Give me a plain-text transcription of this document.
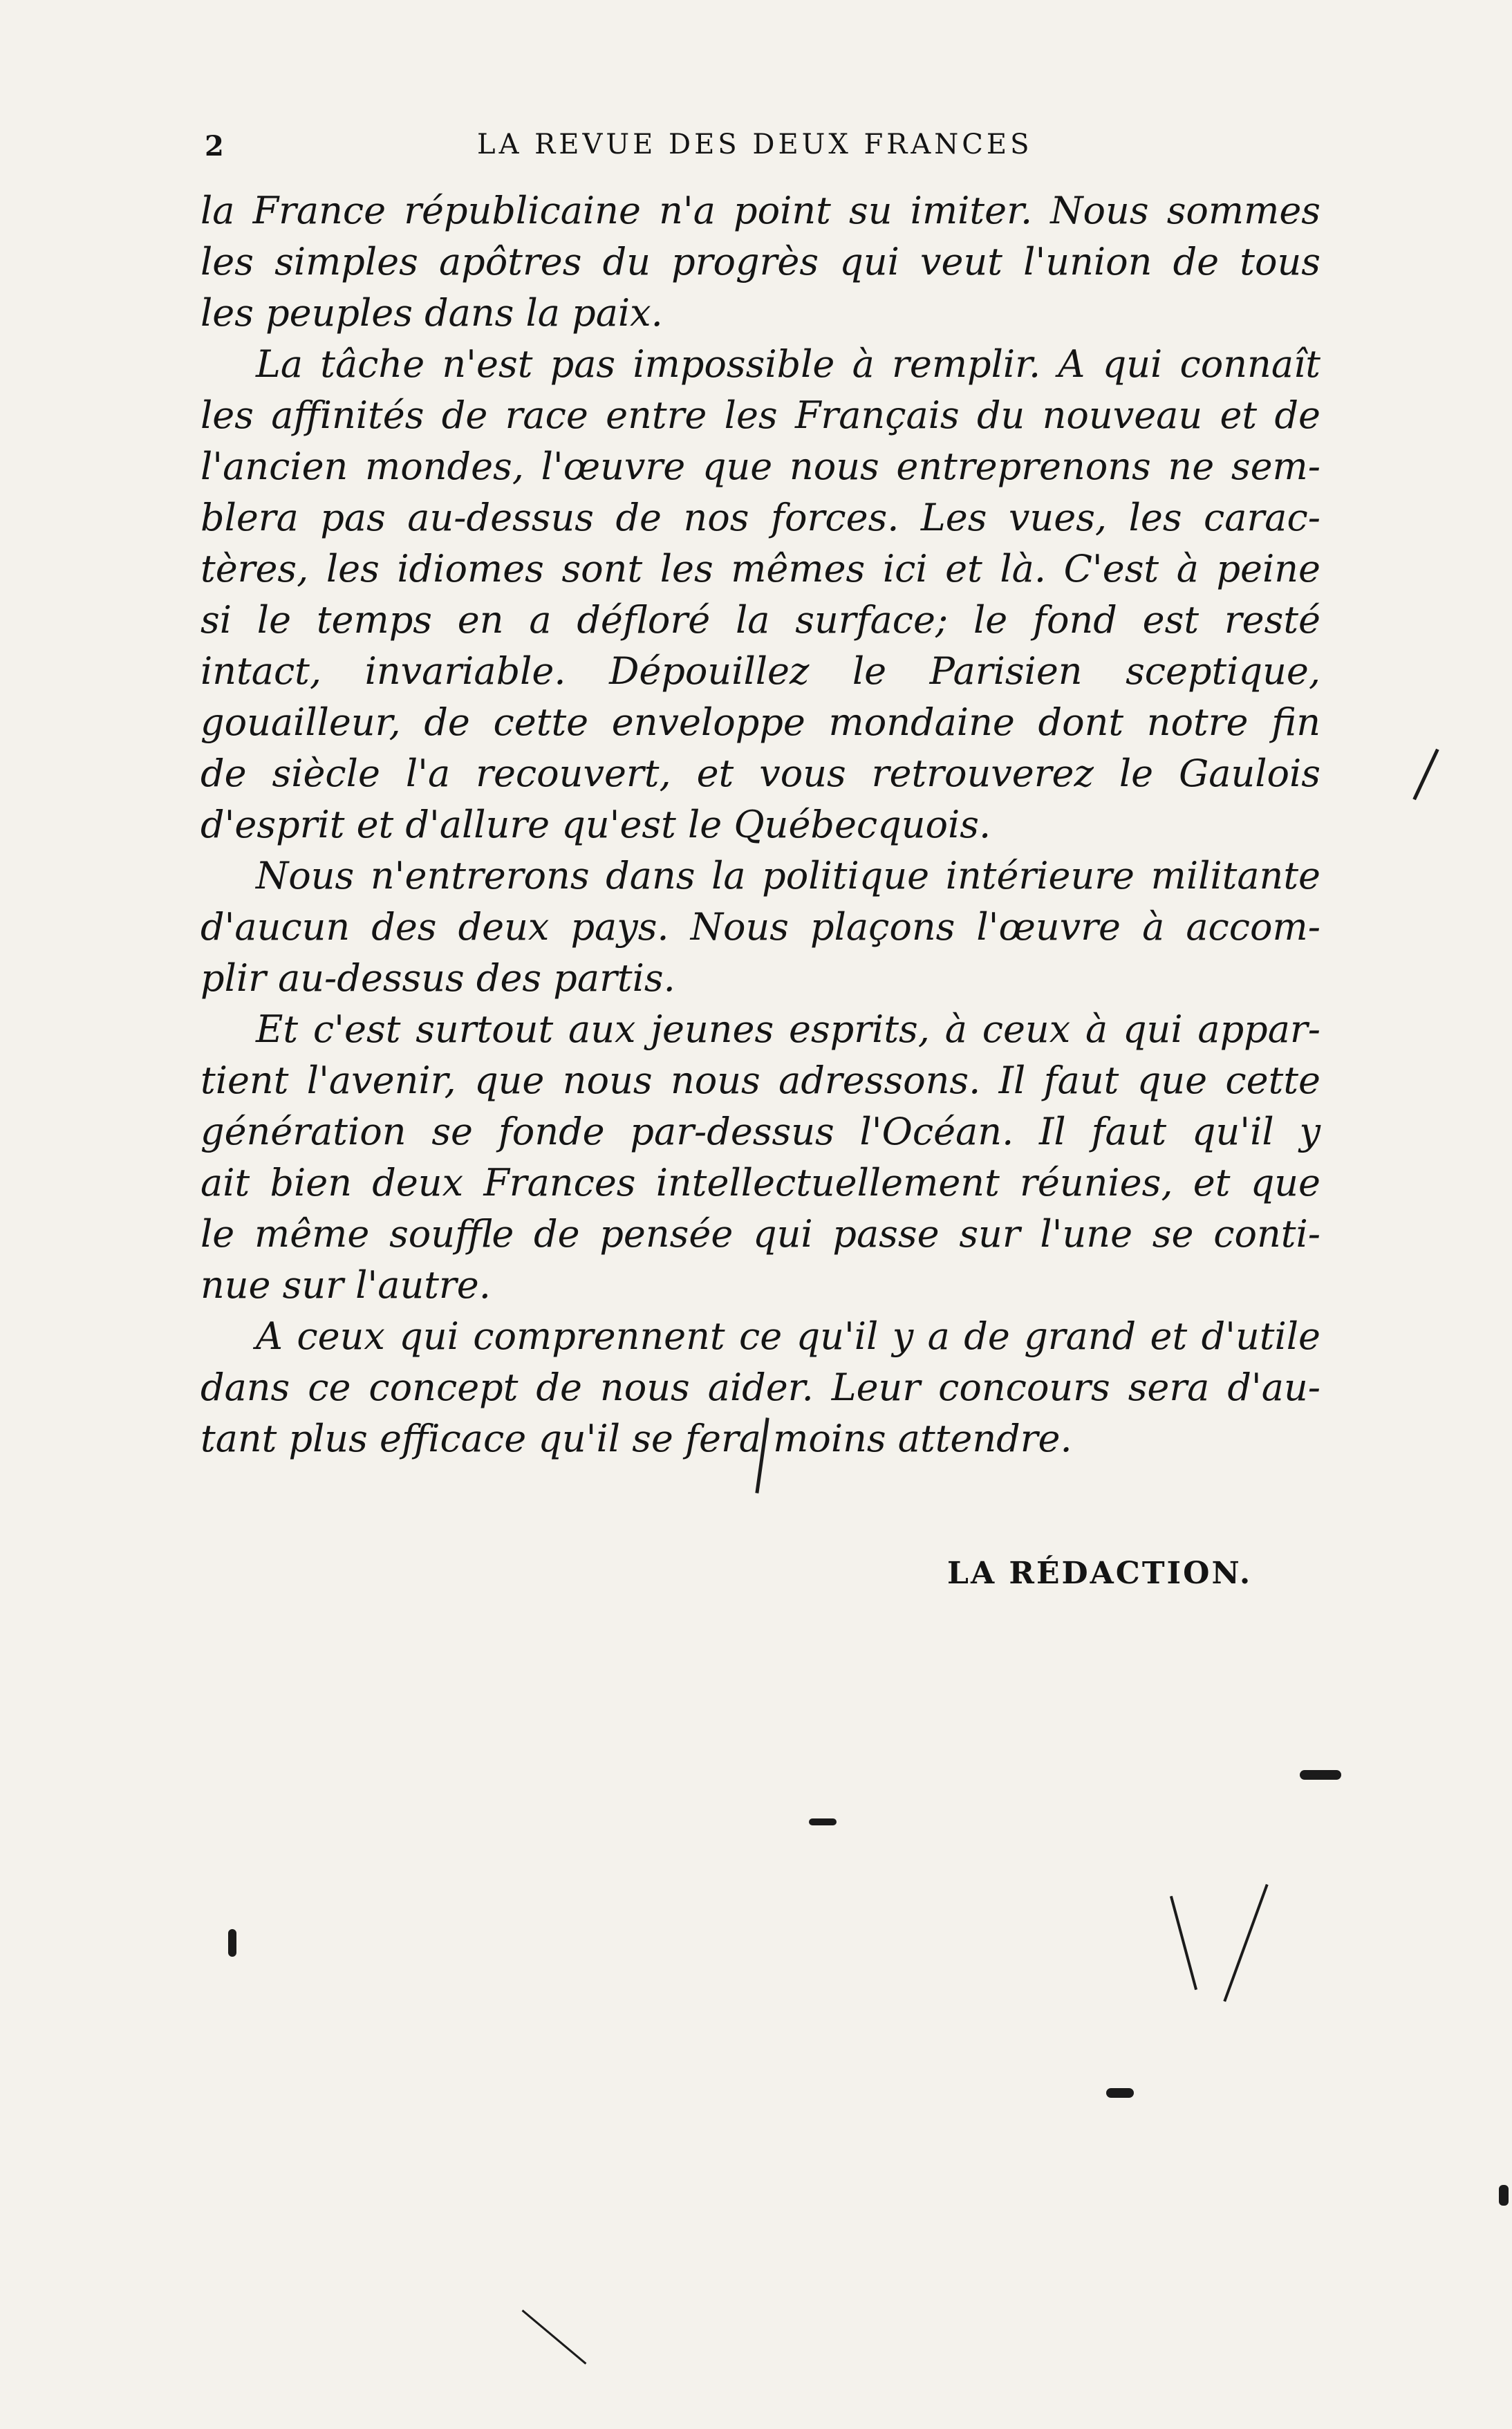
2	LA REVUE DES DEUX FRANCES
la France républicaine n'a point su imiter. Nous sommes
les simples apôtres du progrès qui veut l'union de tous
les peuples dans la paix.
La tâche n'est pas impossible à remplir. A qui connaît
les affinités de race entre les Français du nouveau et de
l'ancien mondes, l'œuvre que nous entreprenons ne sem-
blera pas au-dessus de nos forces. Les vues, les carac-
tères, les idiomes sont les mêmes ici et là. C'est à peine
si le temps en a défloré la surface; le fond est resté
intact, invariable. Dépouillez le Parisien sceptique,
gouailleur, de cette enveloppe mondaine dont notre fin
de siècle l'a recouvert, et vous retrouverez le Gaulois
d'esprit et d'allure qu'est le Québecquois.
Nous n'entrerons dans la politique intérieure militante
d'aucun des deux pays. Nous plaçons l'œuvre à accom-
plir au-dessus des partis.
Et c'est surtout aux jeunes esprits, à ceux à qui appar-
tient l'avenir, que nous nous adressons. Il faut que cette
génération se fonde par-dessus l'Océan. Il faut qu'il y
ait bien deux Frances intellectuellement réunies, et que
le même souffle de pensée qui passe sur l'une se conti-
nue sur l'autre.
A ceux qui comprennent ce qu'il y a de grand et d'utile
dans ce concept de nous aider. Leur concours sera d'au-
tant plus efficace qu'il se fera moins attendre.
LA RÉDACTION.
